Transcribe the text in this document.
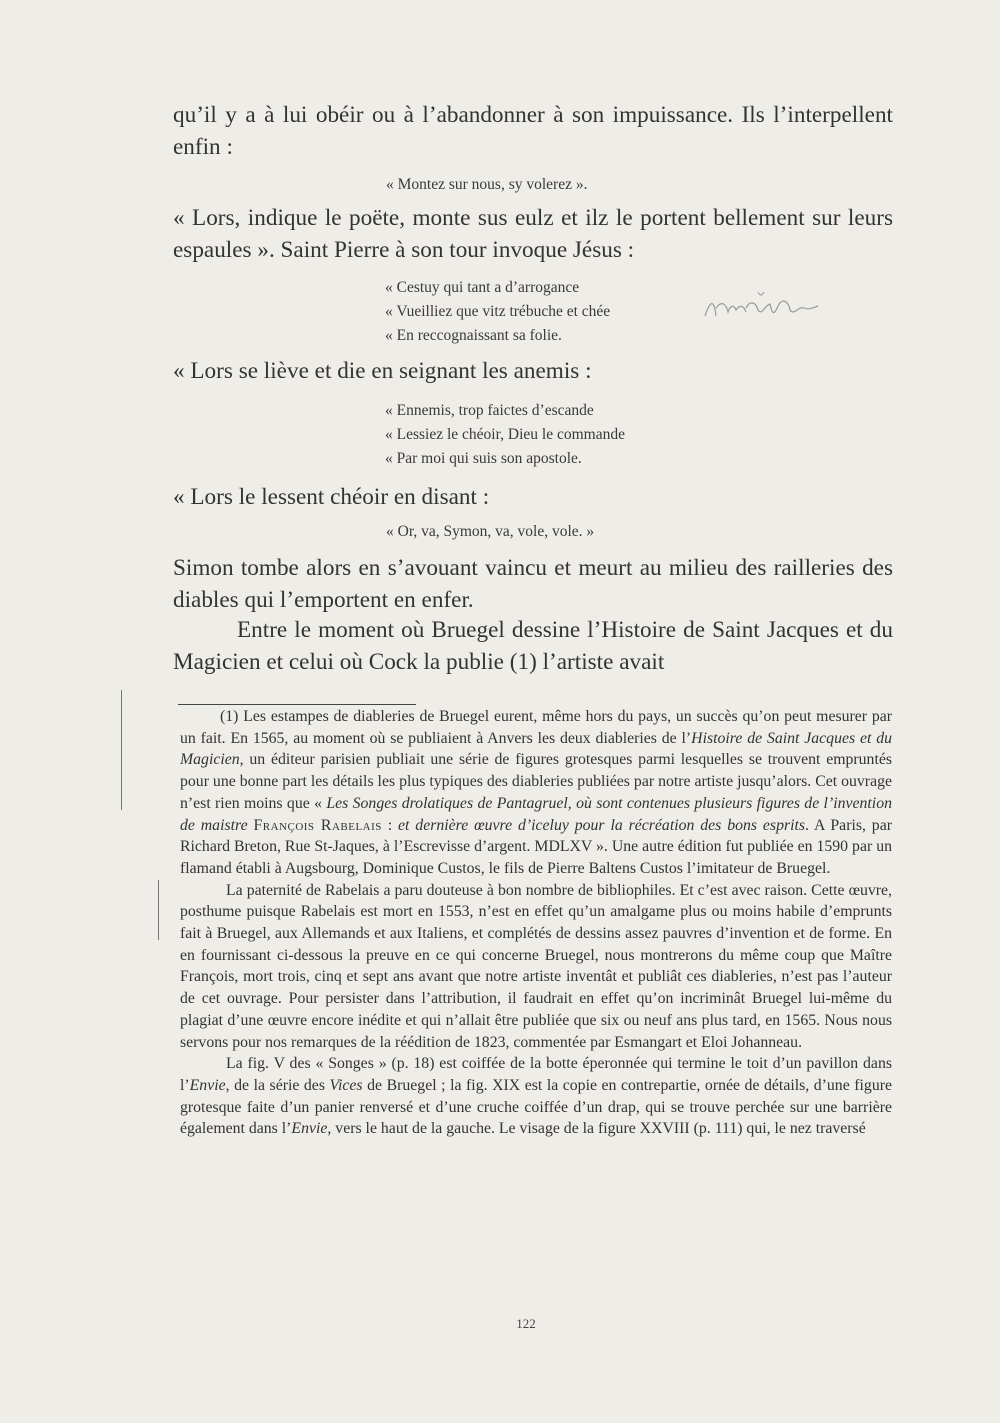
qu’il y a à lui obéir ou à l’abandonner à son impuissance. Ils l’interpellent enfin :

« Montez sur nous, sy volerez ».

« Lors, indique le poëte, monte sus eulz et ilz le portent bellement sur leurs espaules ». Saint Pierre à son tour invoque Jésus :

« Cestuy qui tant a d’arrogance
« Vueilliez que vitz trébuche et chée
« En reccognaissant sa folie.

« Lors se liève et die en seignant les anemis :

« Ennemis, trop faictes d’escande
« Lessiez le chéoir, Dieu le commande
« Par moi qui suis son apostole.

« Lors le lessent chéoir en disant :

« Or, va, Symon, va, vole, vole. »

Simon tombe alors en s’avouant vaincu et meurt au milieu des railleries des diables qui l’emportent en enfer.

Entre le moment où Bruegel dessine l’Histoire de Saint Jacques et du Magicien et celui où Cock la publie (1) l’artiste avait

(1) Les estampes de diableries de Bruegel eurent, même hors du pays, un succès qu’on peut mesurer par un fait. En 1565, au moment où se publiaient à Anvers les deux diableries de l’Histoire de Saint Jacques et du Magicien, un éditeur parisien publiait une série de figures grotesques parmi lesquelles se trouvent empruntés pour une bonne part les détails les plus typiques des diableries publiées par notre artiste jusqu’alors. Cet ouvrage n’est rien moins que « Les Songes drolatiques de Pantagruel, où sont contenues plusieurs figures de l’invention de maistre François Rabelais : et dernière œuvre d’iceluy pour la récréation des bons esprits. A Paris, par Richard Breton, Rue St-Jaques, à l’Escrevisse d’argent. MDLXV ». Une autre édition fut publiée en 1590 par un flamand établi à Augsbourg, Dominique Custos, le fils de Pierre Baltens Custos l’imitateur de Bruegel.

La paternité de Rabelais a paru douteuse à bon nombre de bibliophiles. Et c’est avec raison. Cette œuvre, posthume puisque Rabelais est mort en 1553, n’est en effet qu’un amalgame plus ou moins habile d’emprunts fait à Bruegel, aux Allemands et aux Italiens, et complétés de dessins assez pauvres d’invention et de forme. En en fournissant ci-dessous la preuve en ce qui concerne Bruegel, nous montrerons du même coup que Maître François, mort trois, cinq et sept ans avant que notre artiste inventât et publiât ces diableries, n’est pas l’auteur de cet ouvrage. Pour persister dans l’attribution, il faudrait en effet qu’on incriminât Bruegel lui-même du plagiat d’une œuvre encore inédite et qui n’allait être publiée que six ou neuf ans plus tard, en 1565. Nous nous servons pour nos remarques de la réédition de 1823, commentée par Esmangart et Eloi Johanneau.

La fig. V des « Songes » (p. 18) est coiffée de la botte éperonnée qui termine le toit d’un pavillon dans l’Envie, de la série des Vices de Bruegel ; la fig. XIX est la copie en contrepartie, ornée de détails, d’une figure grotesque faite d’un panier renversé et d’une cruche coiffée d’un drap, qui se trouve perchée sur une barrière également dans l’Envie, vers le haut de la gauche. Le visage de la figure XXVIII (p. 111) qui, le nez traversé

122
